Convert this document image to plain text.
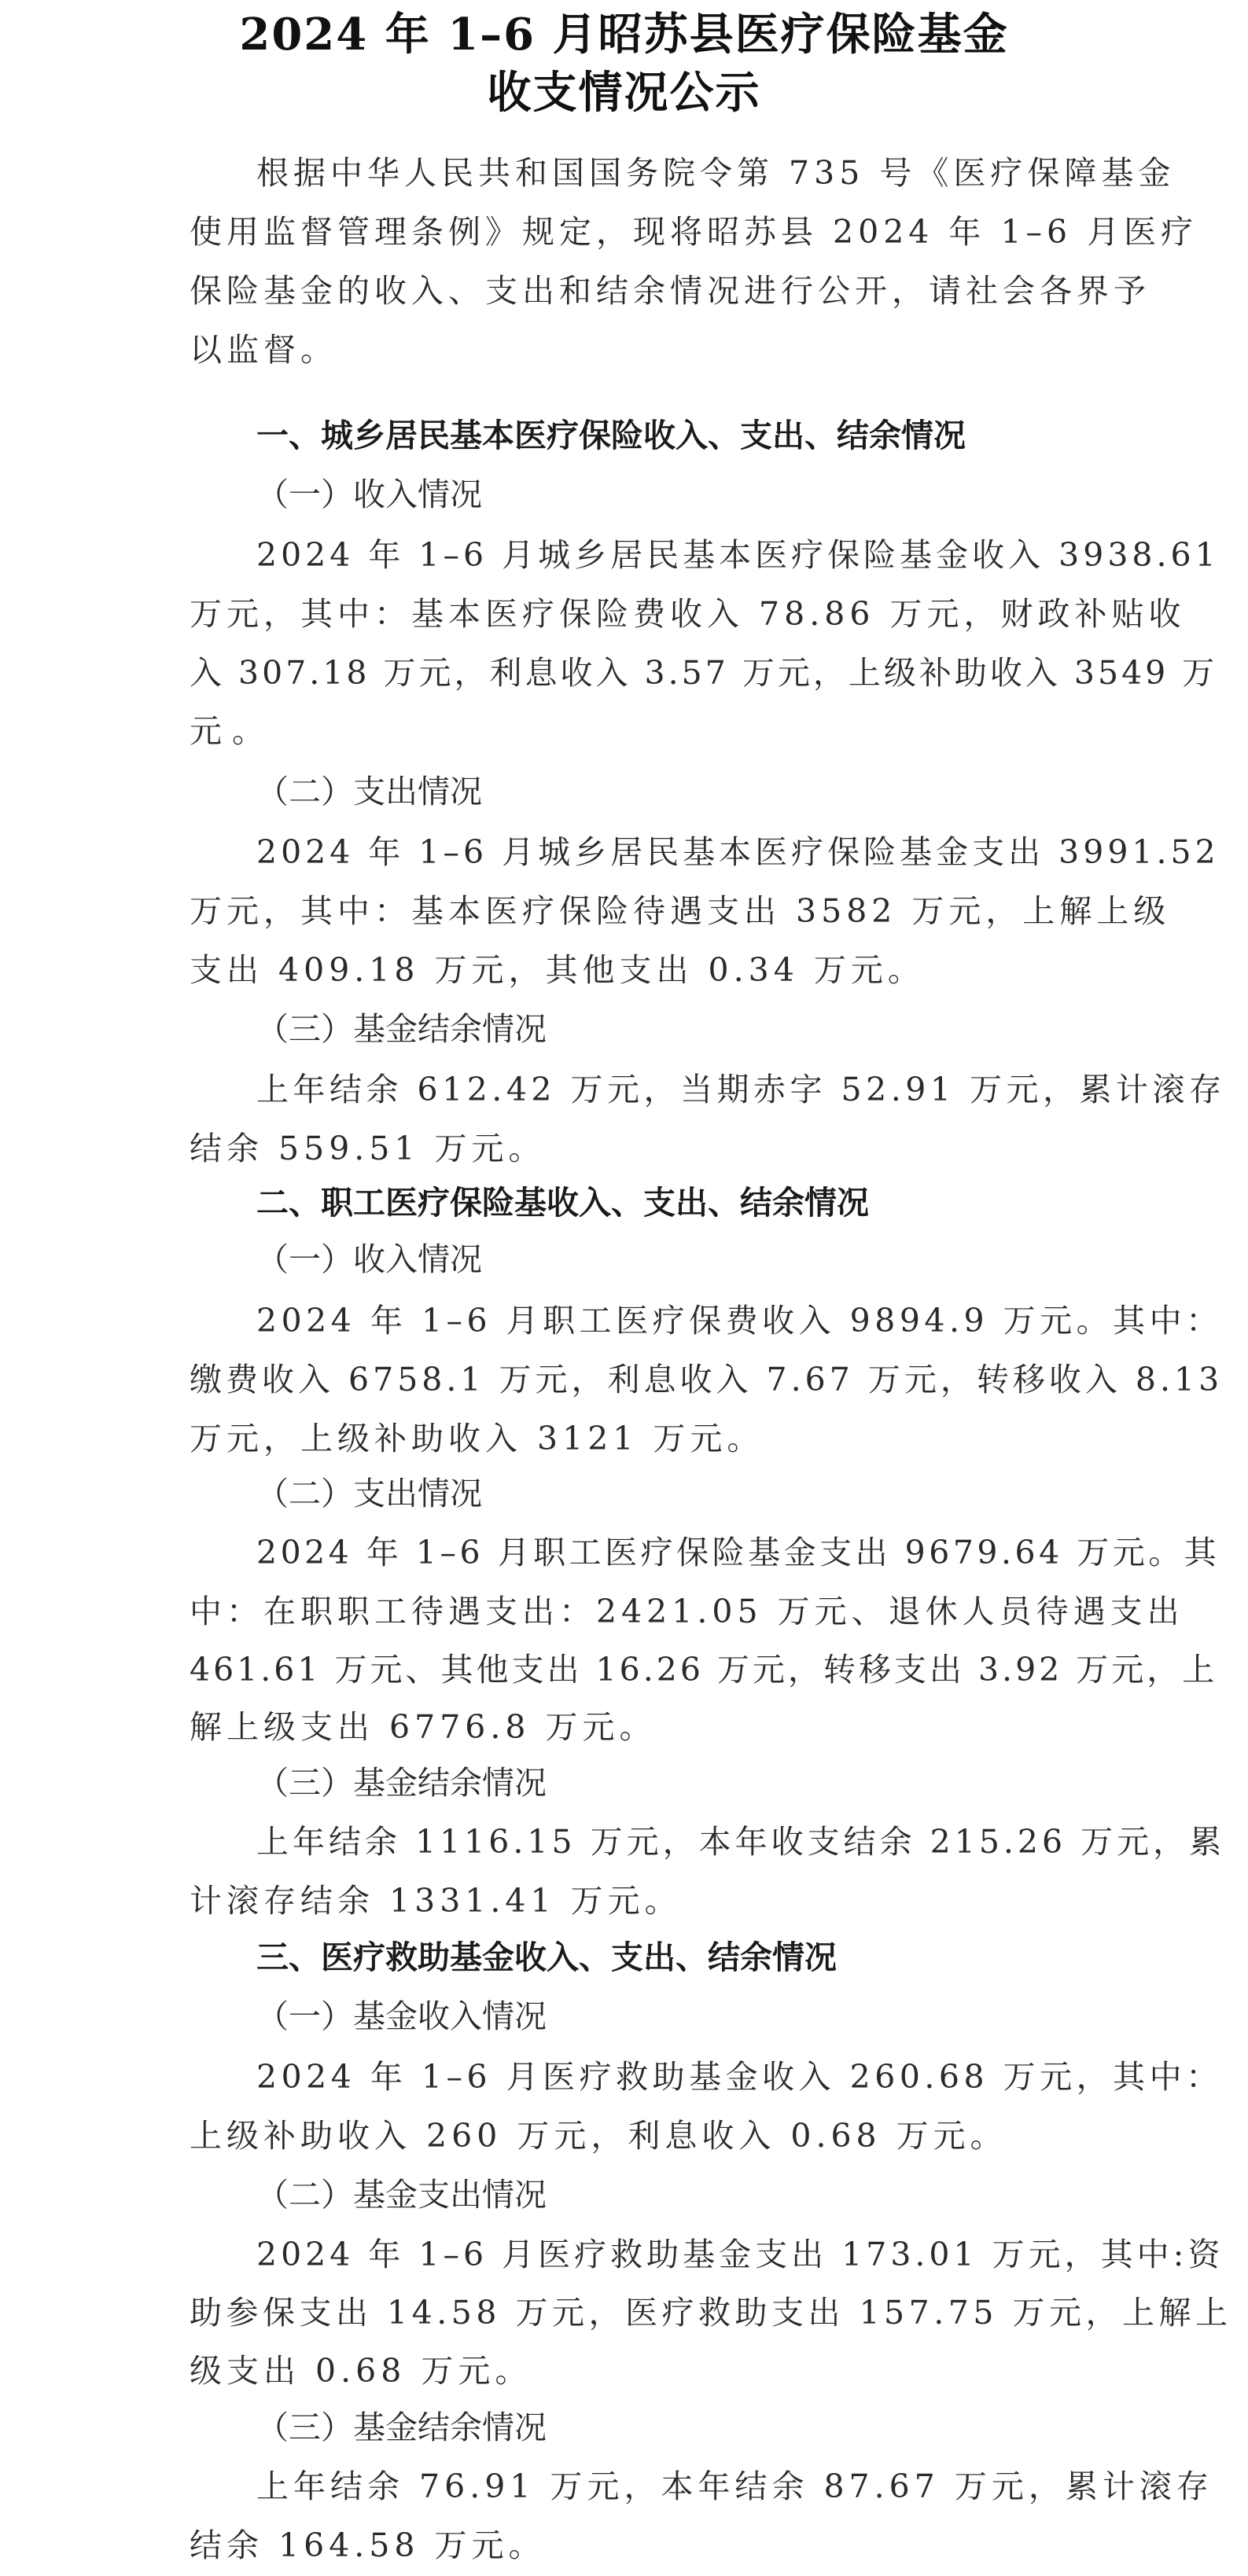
2024 年 1–6 月昭苏县医疗保险基金
收支情况公示
根据中华人民共和国国务院令第 735 号《医疗保障基金
使用监督管理条例》规定，现将昭苏县 2024 年 1–6 月医疗
保险基金的收入、支出和结余情况进行公开，请社会各界予
以监督。
一、城乡居民基本医疗保险收入、支出、结余情况
（一）收入情况
2024 年 1–6 月城乡居民基本医疗保险基金收入 3938.61
万元，其中：基本医疗保险费收入 78.86 万元，财政补贴收
入 307.18 万元，利息收入 3.57 万元，上级补助收入 3549 万
元 。
（二）支出情况
2024 年 1–6 月城乡居民基本医疗保险基金支出 3991.52
万元，其中：基本医疗保险待遇支出 3582 万元，上解上级
支出 409.18 万元，其他支出 0.34 万元。
（三）基金结余情况
上年结余 612.42 万元，当期赤字 52.91 万元，累计滚存
结余 559.51 万元。
二、职工医疗保险基收入、支出、结余情况
（一）收入情况
2024 年 1–6 月职工医疗保费收入 9894.9 万元。其中：
缴费收入 6758.1 万元，利息收入 7.67 万元，转移收入 8.13
万元，上级补助收入 3121 万元。
（二）支出情况
2024 年 1–6 月职工医疗保险基金支出 9679.64 万元。其
中：在职职工待遇支出：2421.05 万元、退休人员待遇支出
461.61 万元、其他支出 16.26 万元，转移支出 3.92 万元，上
解上级支出 6776.8 万元。
（三）基金结余情况
上年结余 1116.15 万元，本年收支结余 215.26 万元，累
计滚存结余 1331.41 万元。
三、医疗救助基金收入、支出、结余情况
（一）基金收入情况
2024 年 1–6 月医疗救助基金收入 260.68 万元，其中：
上级补助收入 260 万元，利息收入 0.68 万元。
（二）基金支出情况
2024 年 1–6 月医疗救助基金支出 173.01 万元，其中:资
助参保支出 14.58 万元，医疗救助支出 157.75 万元，上解上
级支出 0.68 万元。
（三）基金结余情况
上年结余 76.91 万元，本年结余 87.67 万元，累计滚存
结余 164.58 万元。
